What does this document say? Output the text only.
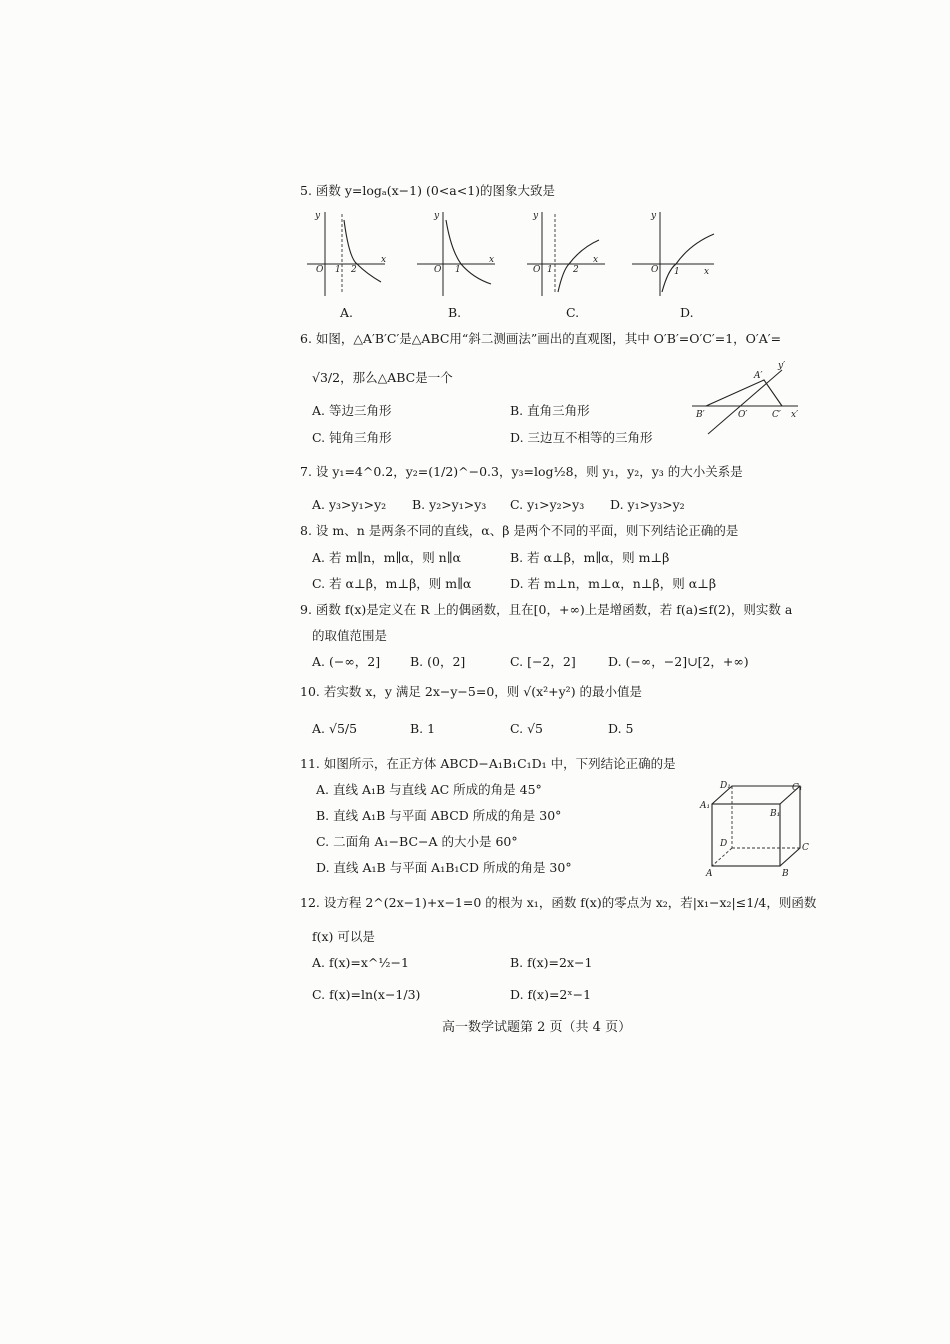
5. 函数 y=logₐ(x−1) (0<a<1)的图象大致是
y
O
x
1 2
y
O
x
1
y
O
x
1 2
y
O	x
1
A.	B.	C.	D.
6. 如图，△A′B′C′是△ABC用“斜二测画法”画出的直观图，其中 O′B′=O′C′=1，O′A′=
√3/2，那么△ABC是一个
A. 等边三角形	B. 直角三角形
C. 钝角三角形	D. 三边互不相等的三角形
y′
A′
B′	O′	C′ x′
7. 设 y₁=4^0.2，y₂=(1/2)^−0.3，y₃=log½8，则 y₁，y₂，y₃ 的大小关系是
A. y₃>y₁>y₂ B. y₂>y₁>y₃ C. y₁>y₂>y₃ D. y₁>y₃>y₂
8. 设 m、n 是两条不同的直线，α、β 是两个不同的平面，则下列结论正确的是
A. 若 m∥n，m∥α，则 n∥α	B. 若 α⊥β，m∥α，则 m⊥β
C. 若 α⊥β，m⊥β，则 m∥α	D. 若 m⊥n，m⊥α，n⊥β，则 α⊥β
9. 函数 f(x)是定义在 R 上的偶函数，且在[0，+∞)上是增函数，若 f(a)≤f(2)，则实数 a
的取值范围是
A. (−∞，2] B. (0，2]	C. [−2，2]	D. (−∞，−2]∪[2，+∞)
10. 若实数 x，y 满足 2x−y−5=0，则 √(x²+y²) 的最小值是
A. √5/5	B. 1	C. √5	D. 5
11. 如图所示，在正方体 ABCD−A₁B₁C₁D₁ 中，下列结论正确的是
A. 直线 A₁B 与直线 AC 所成的角是 45°
B. 直线 A₁B 与平面 ABCD 所成的角是 30°
C. 二面角 A₁−BC−A 的大小是 60°
D. 直线 A₁B 与平面 A₁B₁CD 所成的角是 30°
D₁	C₁
A₁
B₁
D	C
A	B
12. 设方程 2^(2x−1)+x−1=0 的根为 x₁，函数 f(x)的零点为 x₂，若|x₁−x₂|≤1/4，则函数
f(x) 可以是
A. f(x)=x^½−1	B. f(x)=2x−1
C. f(x)=ln(x−1/3)	D. f(x)=2ˣ−1
高一数学试题第 2 页（共 4 页）
